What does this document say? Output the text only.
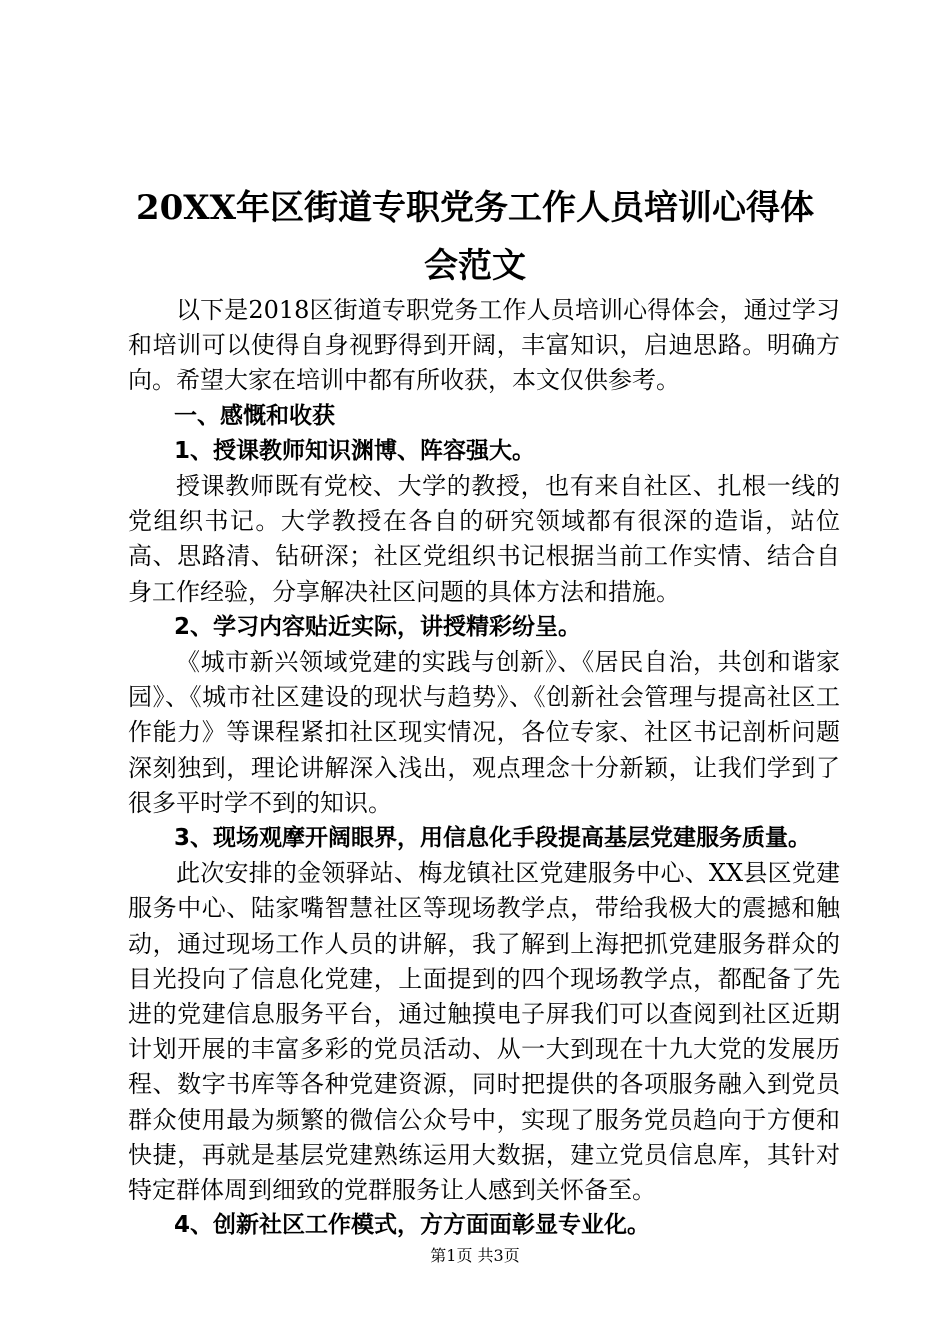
20XX年区街道专职党务工作人员培训心得体
会范文

以下是2018区街道专职党务工作人员培训心得体会，通过学习和培训可以使得自身视野得到开阔，丰富知识，启迪思路。明确方向。希望大家在培训中都有所收获，本文仅供参考。

一、感慨和收获

1、授课教师知识渊博、阵容强大。

授课教师既有党校、大学的教授，也有来自社区、扎根一线的党组织书记。大学教授在各自的研究领域都有很深的造诣，站位高、思路清、钻研深；社区党组织书记根据当前工作实情、结合自身工作经验，分享解决社区问题的具体方法和措施。

2、学习内容贴近实际，讲授精彩纷呈。

《城市新兴领域党建的实践与创新》、《居民自治，共创和谐家园》、《城市社区建设的现状与趋势》、《创新社会管理与提高社区工作能力》等课程紧扣社区现实情况，各位专家、社区书记剖析问题深刻独到，理论讲解深入浅出，观点理念十分新颖，让我们学到了很多平时学不到的知识。

3、现场观摩开阔眼界，用信息化手段提高基层党建服务质量。

此次安排的金领驿站、梅龙镇社区党建服务中心、XX县区党建服务中心、陆家嘴智慧社区等现场教学点，带给我极大的震撼和触动，通过现场工作人员的讲解，我了解到上海把抓党建服务群众的目光投向了信息化党建，上面提到的四个现场教学点，都配备了先进的党建信息服务平台，通过触摸电子屏我们可以查阅到社区近期计划开展的丰富多彩的党员活动、从一大到现在十九大党的发展历程、数字书库等各种党建资源，同时把提供的各项服务融入到党员群众使用最为频繁的微信公众号中，实现了服务党员趋向于方便和快捷，再就是基层党建熟练运用大数据，建立党员信息库，其针对特定群体周到细致的党群服务让人感到关怀备至。

4、创新社区工作模式，方方面面彰显专业化。

第1页 共3页
